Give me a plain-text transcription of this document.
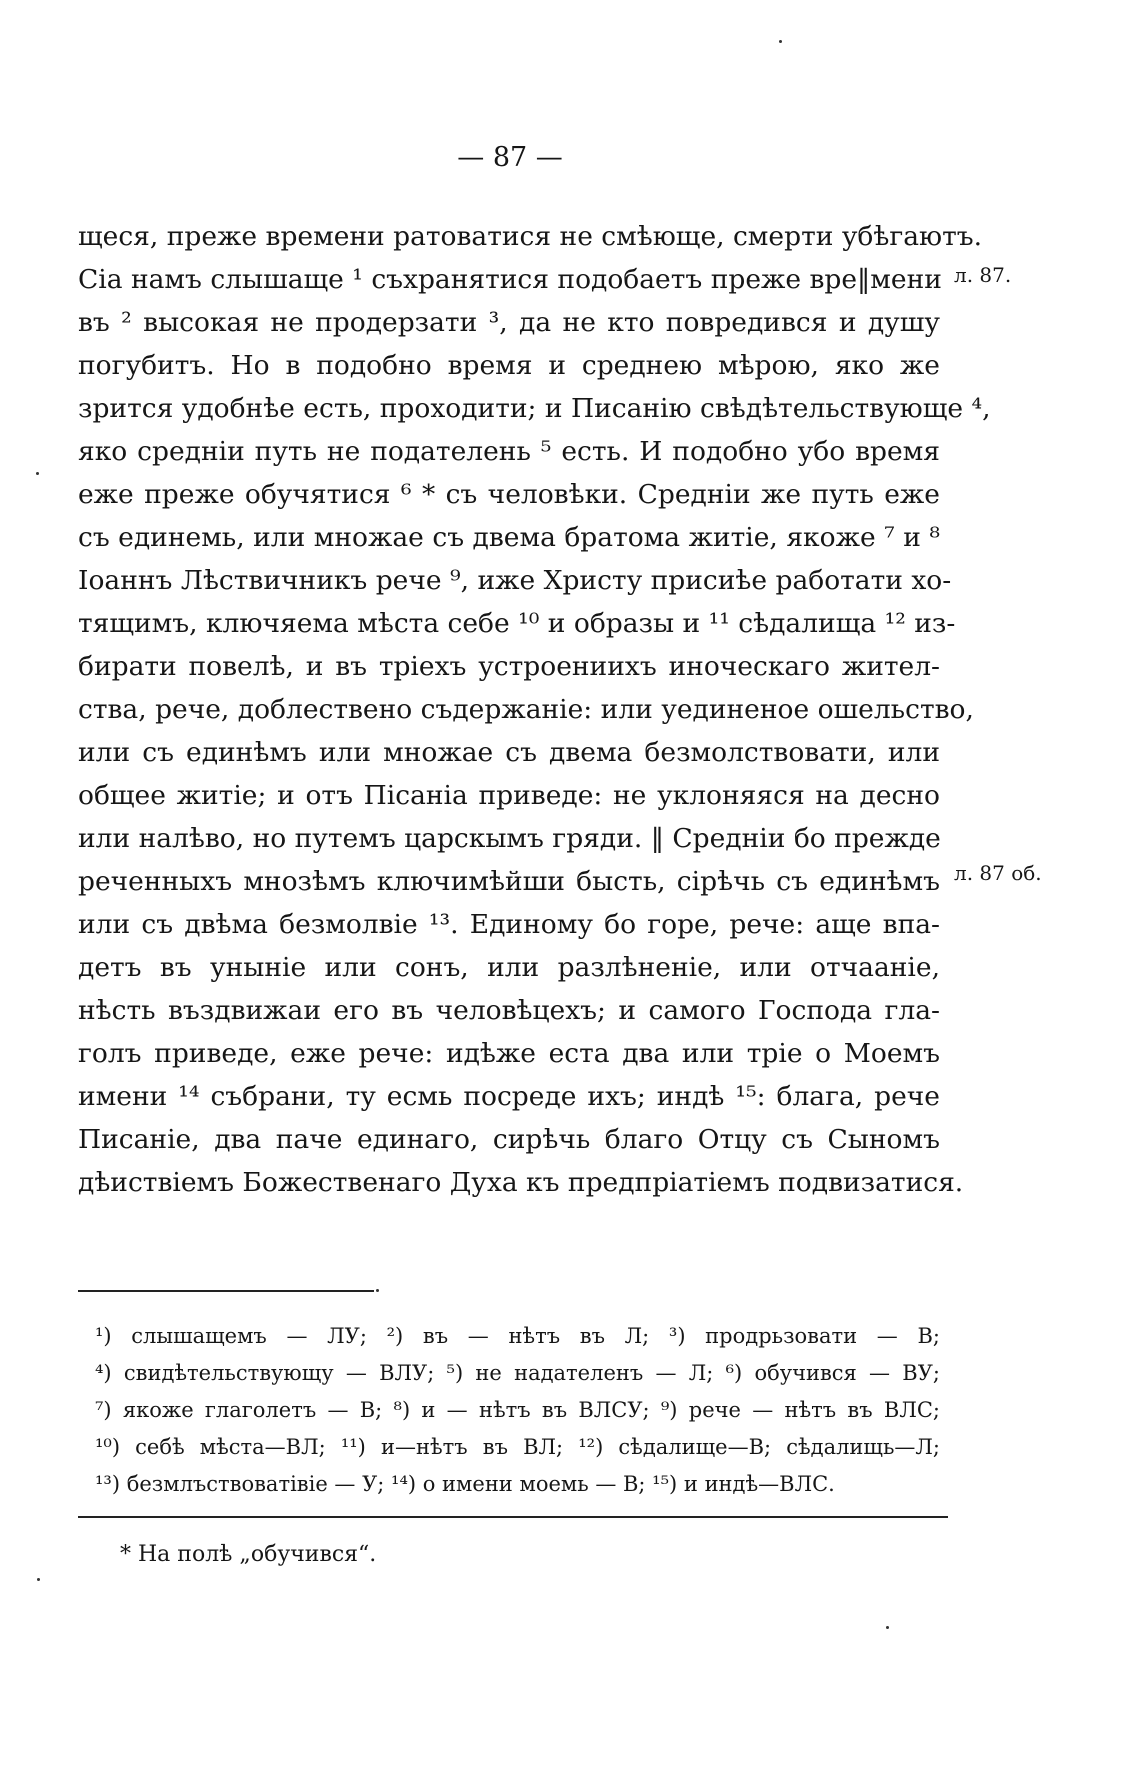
— 87 —
щеся, преже времени ратоватися не смѣюще, смерти убѣгаютъ.
Сіа намъ слышаще ¹ съхранятися подобаетъ преже вре‖мени
въ ² высокая не продерзати ³, да не кто повредився и душу
погубитъ. Но в подобно время и среднею мѣрою, яко же
зрится удобнѣе есть, проходити; и Писанію свѣдѣтельствующе ⁴,
яко средніи путь не подателень ⁵ есть. И подобно убо время
еже преже обучятися ⁶ * съ человѣки. Средніи же путь еже
съ единемь, или множае съ двема братома житіе, якоже ⁷ и ⁸
Іоаннъ Лѣствичникъ рече ⁹, иже Христу присиѣе работати хо-
тящимъ, ключяема мѣста себе ¹⁰ и образы и ¹¹ сѣдалища ¹² из-
бирати повелѣ, и въ тріехъ устроениихъ иноческаго жител-
ства, рече, доблествено съдержаніе: или уединеное ошельство,
или съ единѣмъ или множае съ двема безмолствовати, или
общее житіе; и отъ Пісаніа приведе: не уклоняяся на десно
или налѣво, но путемъ царскымъ гряди. ‖ Средніи бо прежде
реченныхъ мнозѣмъ ключимѣйши бысть, сірѣчь съ единѣмъ
или съ двѣма безмолвіе ¹³. Единому бо горе, рече: аще впа-
детъ въ уныніе или сонъ, или разлѣненіе, или отчааніе,
нѣсть въздвижаи его въ человѣцехъ; и самого Господа гла-
голъ приведе, еже рече: идѣже еста два или тріе о Моемъ
имени ¹⁴ събрани, ту есмь посреде ихъ; индѣ ¹⁵: блага, рече
Писаніе, два паче единаго, сирѣчь благо Отцу съ Сыномъ
дѣиствіемъ Божественаго Духа къ предпріатіемъ подвизатися.
л. 87.
л. 87 об.
¹) слышащемъ — ЛУ; ²) въ — нѣтъ въ Л; ³) продрьзовати — В;
⁴) свидѣтельствующу — ВЛУ; ⁵) не надателенъ — Л; ⁶) обучився — ВУ;
⁷) якоже глаголетъ — В; ⁸) и — нѣтъ въ ВЛСУ; ⁹) рече — нѣтъ въ ВЛС;
¹⁰) себѣ мѣста—ВЛ; ¹¹) и—нѣтъ въ ВЛ; ¹²) сѣдалище—В; сѣдалищь—Л;
¹³) безмлъствоватівіе — У; ¹⁴) о имени моемь — В; ¹⁵) и индѣ—ВЛС.
* На полѣ „обучився“.
